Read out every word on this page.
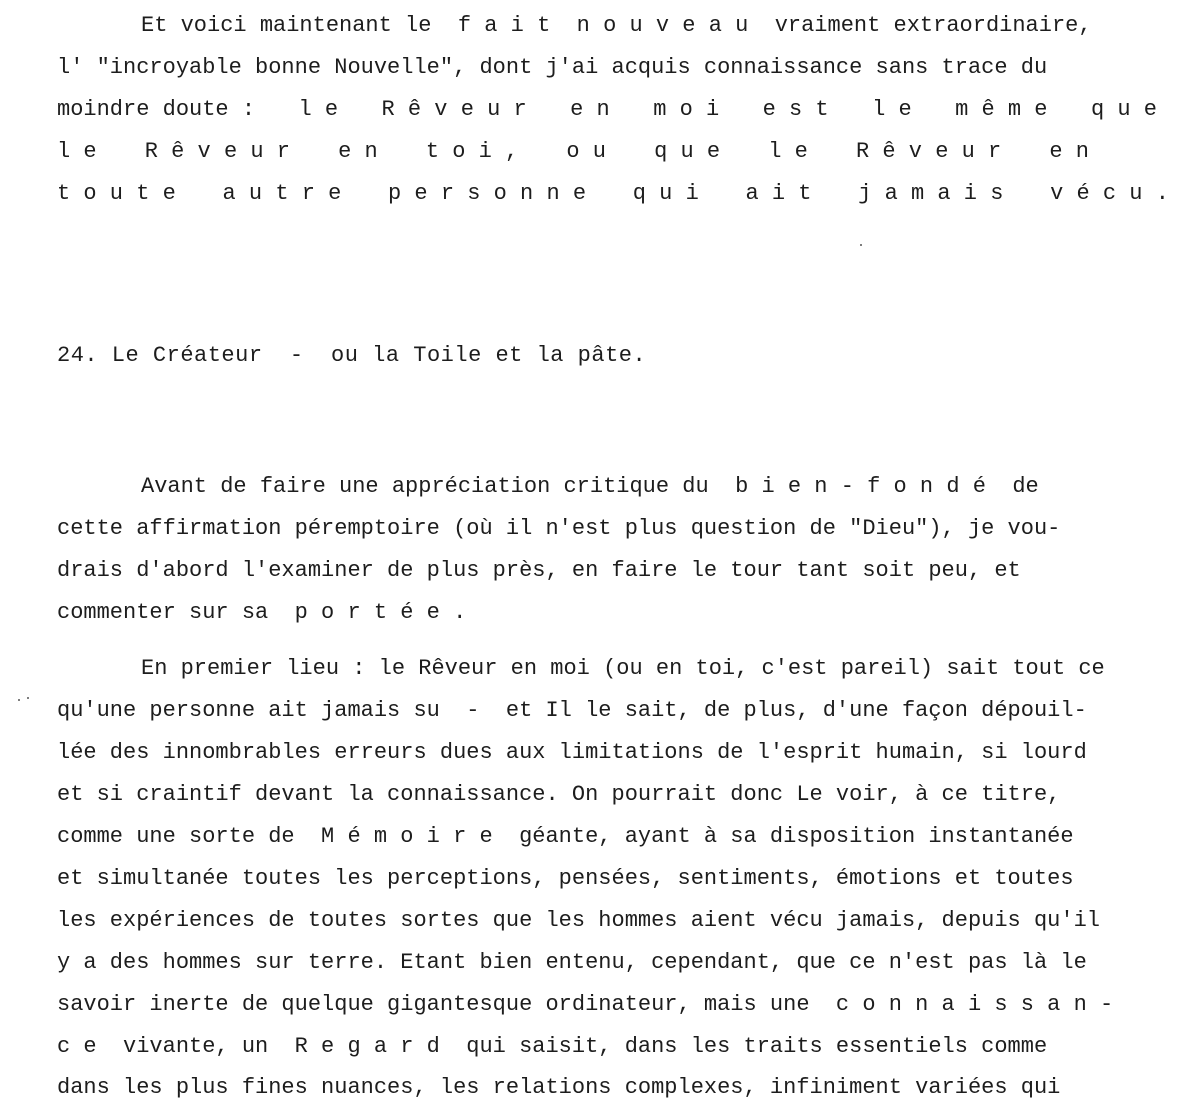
Et voici maintenant le  f a i t  n o u v e a u  vraiment extraordinaire,
l' "incroyable bonne Nouvelle", dont j'ai acquis connaissance sans trace du
moindre doute : l e R ê v e u r e n m o i e s t l e m ê m e q u e
l e R ê v e u r e n t o i , o u q u e l e R ê v e u r e n
t o u t e a u t r e p e r s o n n e q u i a i t j a m a i s v é c u .
24. Le Créateur  -  ou la Toile et la pâte.
Avant de faire une appréciation critique du  b i e n - f o n d é  de
cette affirmation péremptoire (où il n'est plus question de "Dieu"), je vou-
drais d'abord l'examiner de plus près, en faire le tour tant soit peu, et
commenter sur sa  p o r t é e .
En premier lieu : le Rêveur en moi (ou en toi, c'est pareil) sait tout ce
qu'une personne ait jamais su  -  et Il le sait, de plus, d'une façon dépouil-
lée des innombrables erreurs dues aux limitations de l'esprit humain, si lourd
et si craintif devant la connaissance. On pourrait donc Le voir, à ce titre,
comme une sorte de  M é m o i r e  géante, ayant à sa disposition instantanée
et simultanée toutes les perceptions, pensées, sentiments, émotions et toutes
les expériences de toutes sortes que les hommes aient vécu jamais, depuis qu'il
y a des hommes sur terre. Etant bien entenu, cependant, que ce n'est pas là le
savoir inerte de quelque gigantesque ordinateur, mais une  c o n n a i s s a n -
c e  vivante, un  R e g a r d  qui saisit, dans les traits essentiels comme
dans les plus fines nuances, les relations complexes, infiniment variées qui
